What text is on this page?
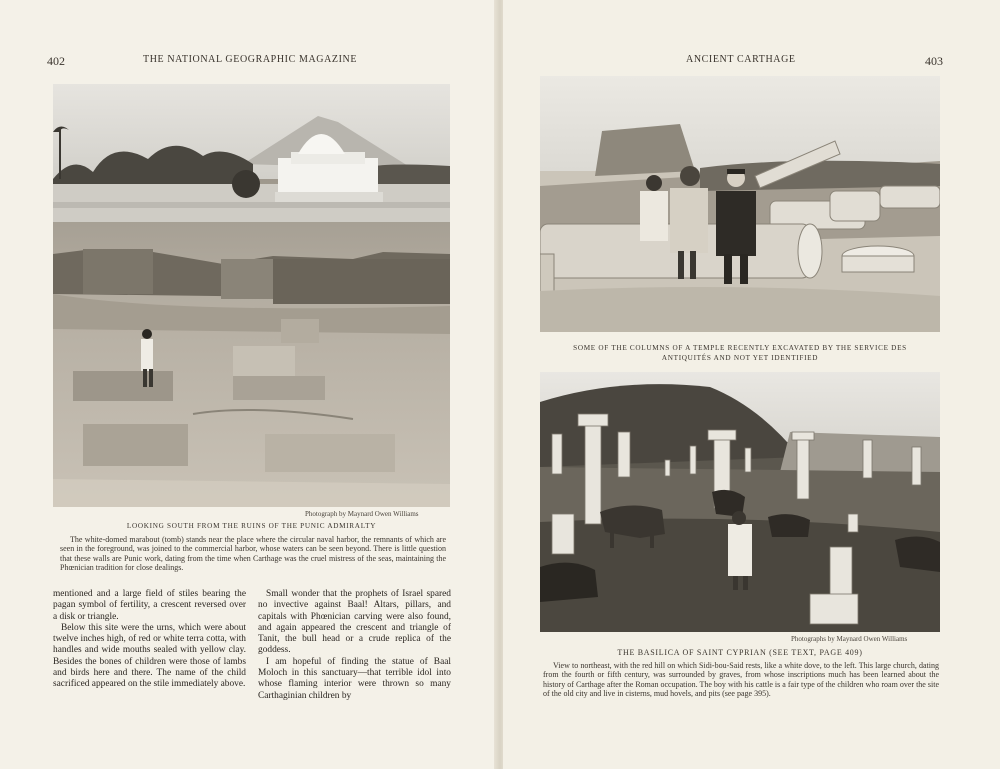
402	THE NATIONAL GEOGRAPHIC MAGAZINE
Photograph by Maynard Owen Williams
LOOKING SOUTH FROM THE RUINS OF THE PUNIC ADMIRALTY

The white-domed marabout (tomb) stands near the place where the circular naval harbor, the remnants of which are seen in the foreground, was joined to the commercial harbor, whose waters can be seen beyond. There is little question that these walls are Punic work, dating from the time when Carthage was the cruel mistress of the seas, maintaining the Phœnician tradition for close dealings.

mentioned and a large field of stiles bearing the pagan symbol of fertility, a crescent reversed over a disk or triangle.

Below this site were the urns, which were about twelve inches high, of red or white terra cotta, with handles and wide mouths sealed with yellow clay. Besides the bones of children were those of lambs and birds here and there. The name of the child sacrificed appeared on the stile immediately above.

Small wonder that the prophets of Israel spared no invective against Baal! Altars, pillars, and capitals with Phœnician carving were also found, and again appeared the crescent and triangle of Tanit, the bull head or a crude replica of the goddess.

I am hopeful of finding the statue of Baal Moloch in this sanctuary—that terrible idol into whose flaming interior were thrown so many Carthaginian children by

ANCIENT CARTHAGE	403
SOME OF THE COLUMNS OF A TEMPLE RECENTLY EXCAVATED BY THE SERVICE DES
ANTIQUITÉS AND NOT YET IDENTIFIED
Photographs by Maynard Owen Williams
THE BASILICA OF SAINT CYPRIAN (SEE TEXT, PAGE 409)

View to northeast, with the red hill on which Sidi-bou-Said rests, like a white dove, to the left. This large church, dating from the fourth or fifth century, was surrounded by graves, from whose inscriptions much has been learned about the history of Carthage after the Roman occupation. The boy with his cattle is a fair type of the children who roam over the site of the old city and live in cisterns, mud hovels, and pits (see page 395).
